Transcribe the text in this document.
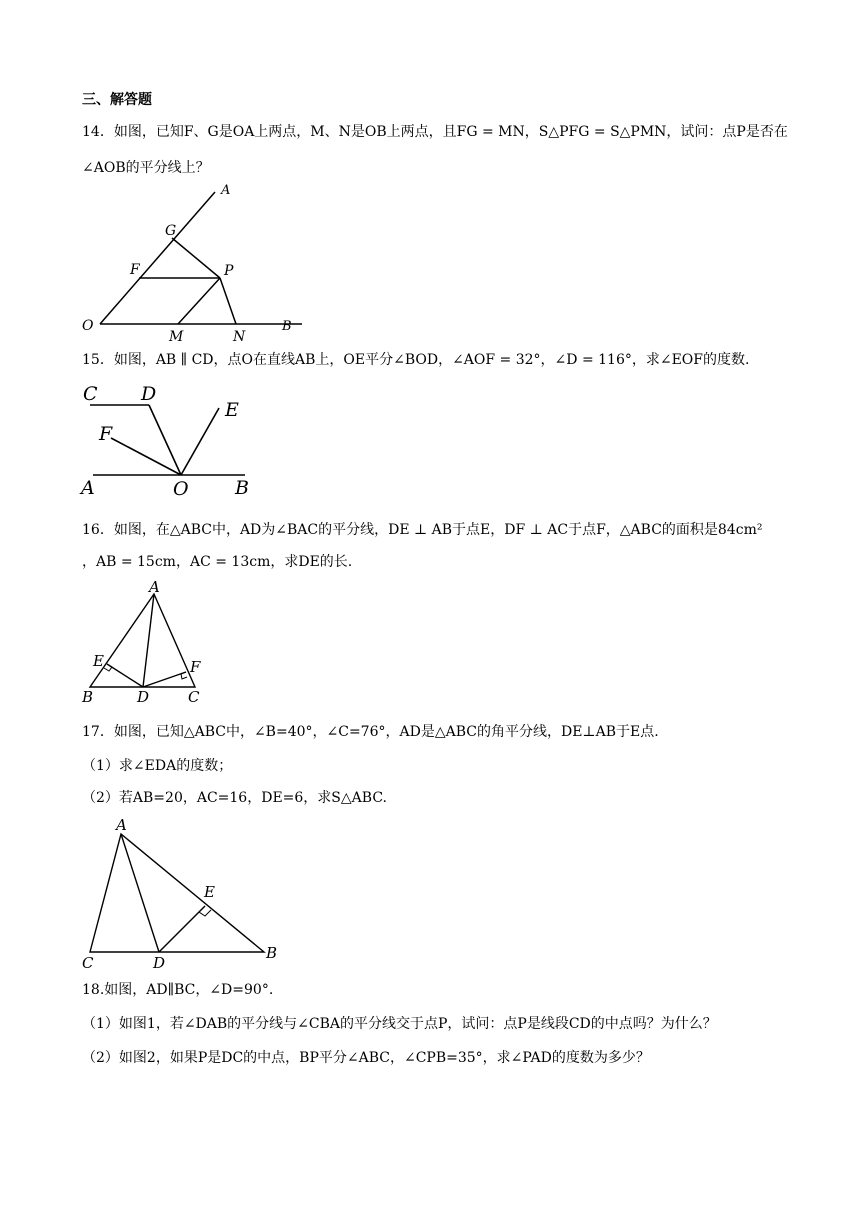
三、解答题
14．如图，已知F、G是OA上两点，M、N是OB上两点，且FG = MN，S△PFG = S△PMN，试问：点P是否在
∠AOB的平分线上？
A
G
F	P
O
M	N
B
15．如图，AB ∥ CD，点O在直线AB上，OE平分∠BOD，∠AOF = 32°，∠D = 116°，求∠EOF的度数.
C D
F
E
A	O B
16．如图，在△ABC中，AD为∠BAC的平分线，DE ⊥ AB于点E，DF ⊥ AC于点F，△ABC的面积是84cm²
，AB = 15cm，AC = 13cm，求DE的长.
A
E	F
B	D	C
17．如图，已知△ABC中，∠B=40°，∠C=76°，AD是△ABC的角平分线，DE⊥AB于E点.
（1）求∠EDA的度数；
（2）若AB=20，AC=16，DE=6，求S△ABC.
A
E
C	D
B
18.如图，AD∥BC，∠D=90°.
（1）如图1，若∠DAB的平分线与∠CBA的平分线交于点P，试问：点P是线段CD的中点吗？为什么？
（2）如图2，如果P是DC的中点，BP平分∠ABC，∠CPB=35°，求∠PAD的度数为多少？
